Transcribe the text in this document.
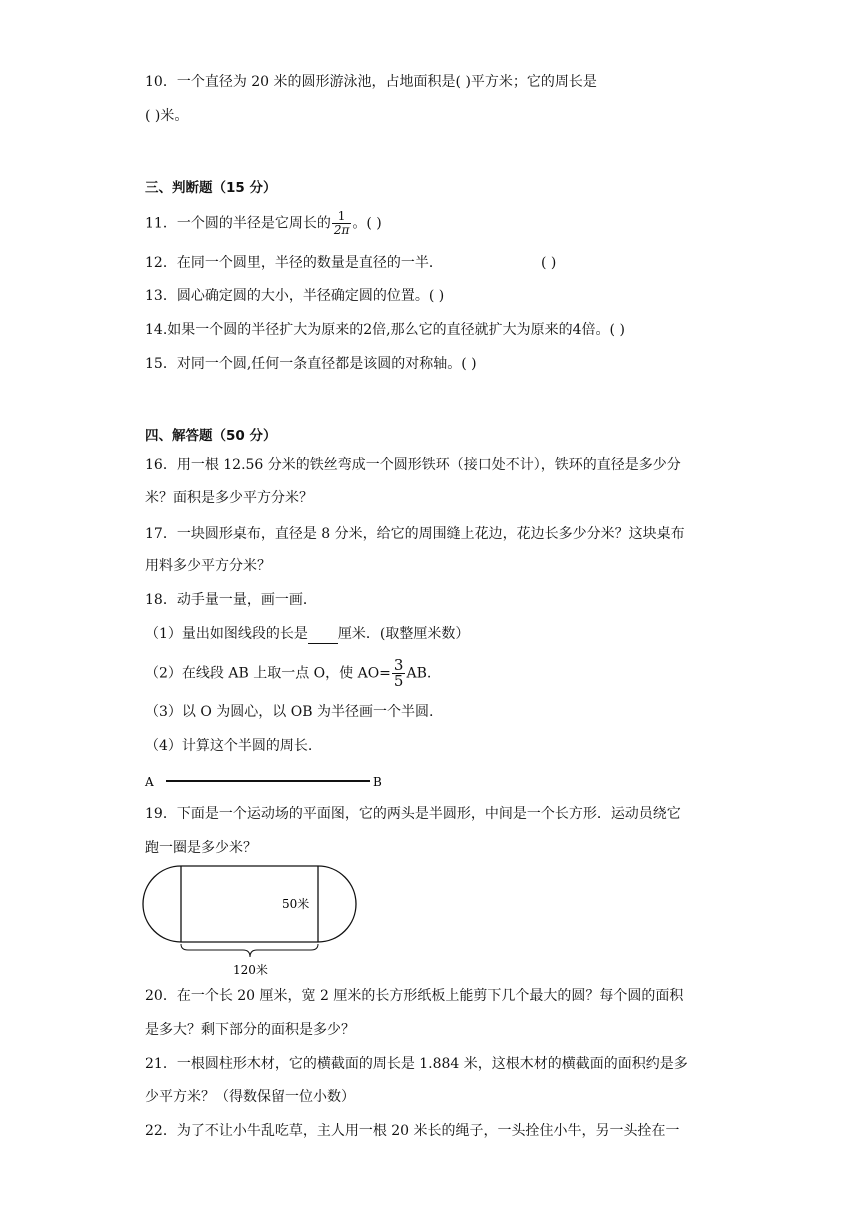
10．一个直径为 20 米的圆形游泳池，占地面积是( )平方米；它的周长是
( )米。
三、判断题（15 分）
11．一个圆的半径是它周长的 $\frac{1}{2\pi}$ 。( )
12．在同一个圆里，半径的数量是直径的一半．	( )
13．圆心确定圆的大小，半径确定圆的位置。( )
14.如果一个圆的半径扩大为原来的2倍,那么它的直径就扩大为原来的4倍。( )
15．对同一个圆,任何一条直径都是该圆的对称轴。( )
四、解答题（50 分）
16．用一根 12.56 分米的铁丝弯成一个圆形铁环（接口处不计），铁环的直径是多少分
米？面积是多少平方分米？
17．一块圆形桌布，直径是 8 分米，给它的周围缝上花边，花边长多少分米？这块桌布
用料多少平方分米？
18．动手量一量，画一画．
（1）量出如图线段的长是 厘米．(取整厘米数）
（2）在线段 AB 上取一点 O，使 $AO= \frac{3}{5}$ AB.
（3）以 O 为圆心，以 OB 为半径画一个半圆.
（4）计算这个半圆的周长.
A	B
19．下面是一个运动场的平面图，它的两头是半圆形，中间是一个长方形．运动员绕它
跑一圈是多少米？
50米
120米
20．在一个长 20 厘米，宽 2 厘米的长方形纸板上能剪下几个最大的圆？每个圆的面积
是多大？剩下部分的面积是多少？
21．一根圆柱形木材，它的横截面的周长是 1.884 米，这根木材的横截面的面积约是多
少平方米？（得数保留一位小数）
22．为了不让小牛乱吃草，主人用一根 20 米长的绳子，一头拴住小牛，另一头拴在一
